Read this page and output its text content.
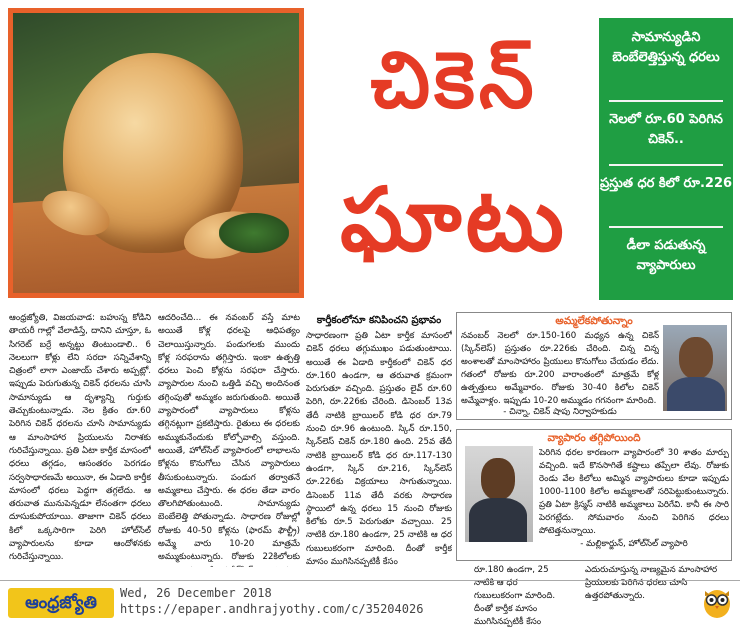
చికెన్
ఘాటు
సామాన్యుడిని బెంబేలెత్తిస్తున్న ధరలు
నెలలో రూ.60 పెరిగిన చికెన్..
ప్రస్తుత ధర కిలో రూ.226
డీలా పడుతున్న వ్యాపారులు
ఆంధ్రజ్యోతి, విజయవాడ: బహుస్న కోడిని తాయరీ గాల్లో వేలాడిస్తే, దానిని చూస్తూ, ఓ సిగరెట్ బర్రే అన్నట్టు తింటుండాలి.. 6 నెలలుగా కోళ్లు లేని సరదా సన్నివేశాన్ని చిత్రంలో లాగా ఎంజాయ్ చేశారు అప్పట్లో. ఇప్పుడు పెరుగుతున్న చికెన్ ధరలను చూసి సామాన్యుడు ఆ దృశ్యాన్ని గుర్తుకు తెచ్చుకుంటున్నాడు. నెల క్రితం రూ.60 పెరిగిన చికెన్ ధరలను చూసి సామాన్యుడు ఆ మాంసాహార ప్రియులను నిరాశకు గురిచేస్తున్నాయి. ప్రతి ఏటా కార్తీక మాసంలో ధరలు తగ్గడం, ఆసంతరం పెరగడం సర్వసాధారణమే అయినా, ఈ ఏడాది కార్తీక మాసంలో ధరలు పెద్దగా తగ్గలేదు. ఆ తరువాత మునుపెన్నడూ లేనంతగా ధరలు దూసుకుపోయాయి. తాజాగా చికెన్ ధరలు కిలో ఒక్కసారిగా పెరిగి హోల్‌సేల్ వ్యాపారులను కూడా ఆందోళనకు గురిచేస్తున్నాయి.
ఆదరించేది... ఈ నవంబర్ వస్తే మాట అయితే కోళ్ల ధరలపై ఆధిపత్యం చెలాయిస్తున్నారు. పండుగలకు ముందు కోళ్ల సరఫరాను తగ్గిస్తారు. ఇంకా ఉత్పత్తి ధరలు పెంచి కోళ్లను సరఫరా చేస్తారు. వ్యాపారుల నుంచి ఒత్తిడి వచ్చి అందినంత తగ్గింపుతో అమ్మకం జరుగుతుంది. అయితే వ్యాపారంలో వ్యాపారులు కోళ్లను తగ్గినట్లుగా ప్రకటిస్తారు. రైతులు ఈ ధరలకు అమ్ముకునేందుకు కోల్పోవాల్సి వస్తుంది. అయితే, హోల్‌సేల్ వ్యాపారంలో లాభాలను కోళ్లను కొనుగోలు చేసిన వ్యాపారులు తీసుకుంటున్నారు. పండుగ తర్వాతనే అమ్మకాలు చేస్తారు. ఈ ధరల తేడా వారం తొలగిపోతుంటుంది. సామాన్యుడు బెంబేలెత్తి పోతున్నాడు. సాధారణ రోజుల్లో రోజుకు 40-50 కోళ్లను (ఫారమ్ ఫౌల్ట్రీ) అమ్మే వారు 10-20 మాత్రమే అమ్ముకుంటున్నారు. రోజుకు 22కిలోలకు
కార్తీకంలోనూ కనిపించని ప్రభావం
సాధారణంగా ప్రతి ఏటా కార్తీక మాసంలో చికెన్ ధరలు తగ్గుముఖం పడుతుంటాయి. అయితే ఈ ఏడాది కార్తీకంలో చికెన్ ధర రూ.160 ఉండగా, ఆ తరువాత క్రమంగా పెరుగుతూ వచ్చింది. ప్రస్తుతం లైవ్ రూ.60 పెరిగి, రూ.226కు చేరింది. డిసెంబర్ 13వ తేదీ నాటికి బ్రాయిలర్ కోడి ధర రూ.79 నుంచి రూ.96 ఉంటుంది. స్కిన్ రూ.150, స్కిన్‌లెస్ చికెన్ రూ.180 ఉంది. 25వ తేదీ నాటికి బ్రాయిలర్ కోడి ధర రూ.117-130 ఉండగా, స్కిన్ రూ.216, స్కిన్‌లెస్ రూ.226కు విక్రయాలు సాగుతున్నాయి. డిసెంబర్ 11వ తేదీ వరకు సాధారణ స్థాయిలో ఉన్న ధరలు 15 నుంచి రోజుకు కిలోకు రూ.5 పెరుగుతూ వచ్చాయి. 25 నాటికి రూ.180 ఉండగా, 25 నాటికి ఆ ధర గుబులుకరంగా మారింది. దీంతో కార్తీక మాసం ముగిసినప్పటికీ కేసం
అమ్మలేకపోతున్నాం
నవంబర్ నెలలో రూ.150-160 మధ్యన ఉన్న చికెన్ (స్కిన్‌లెస్) ప్రస్తుతం రూ.226కు చేరింది. చిన్న చిన్న అంశాలతో మాంసాహారం ప్రియులు కొనుగోలు చేయడం లేదు. గతంలో రోజుకు రూ.200 వారాంతంలో మాత్రమే కోళ్ల ఉత్పత్తులు అమ్మేవారం. రోజుకు 30-40 కిలోల చికెన్ అమ్మేవాళ్లం. ఇప్పుడు 10-20 అమ్ముడం గగనంగా మారింది.
- చిన్నా, చికెన్ షాపు నిర్వాహకుడు
వ్యాపారం తగ్గిపోయింది
పెరిగిన ధరల కారణంగా వ్యాపారంలో 30 శాతం మార్పు వచ్చింది. ఇదే కొనసాగితే కష్టాలు తప్పేలా లేవు. రోజుకు రెండు వేల కిలోలు అమ్మిన వ్యాపారులు కూడా ఇప్పుడు 1000-1100 కిలోల అమ్మకాలతో సరిపెట్టుకుంటున్నారు. ప్రతి ఏటా క్రిస్మస్ నాటికి అమ్మకాలు పెరిగేవి. కానీ ఈ సారి పెరగట్లేదు. సోమవారం నుంచి పెరిగిన ధరలు పోటెత్తనున్నాయి.
- మల్లికార్జున్, హోల్‌సేల్ వ్యాపారి
రూ.180 ఉండగా, 25 నాటికి ఆ ధర గుబులుకరంగా మారింది. దీంతో కార్తీక మాసం ముగిసినప్పటికీ కేసం
ఎదురుచూస్తున్న నాణ్యమైన మాంసాహార ప్రియులకు పెరిగిన ధరలు చూసి ఉత్తరపోతున్నారు.
ఆంధ్రజ్యోతి	Wed, 26 December 2018
https://epaper.andhrajyothy.com/c/35204026
